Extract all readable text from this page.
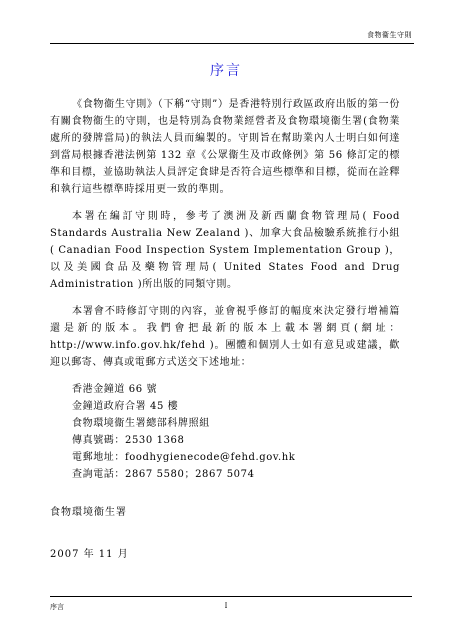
食物衞生守則
序言

《食物衞生守則》（下稱“守則”）是香港特別行政區政府出版的第一份有關食物衞生的守則，也是特別為食物業經營者及食物環境衞生署(食物業處所的發牌當局)的執法人員而編製的。守則旨在幫助業內人士明白如何達到當局根據香港法例第 132 章《公眾衞生及市政條例》第 56 條訂定的標準和目標，並協助執法人員評定食肆是否符合這些標準和目標，從而在詮釋和執行這些標準時採用更一致的準則。

本署在編訂守則時，參考了澳洲及新西蘭食物管理局( Food Standards Australia New Zealand )、加拿大食品檢驗系統推行小組( Canadian Food Inspection System Implementation Group )，以及美國食品及藥物管理局( United States Food and Drug Administration )所出版的同類守則。

本署會不時修訂守則的內容，並會視乎修訂的幅度來決定發行增補篇還是新的版本。我們會把最新的版本上載本署網頁(網址：http://www.info.gov.hk/fehd )。團體和個別人士如有意見或建議，歡迎以郵寄、傳真或電郵方式送交下述地址：

香港金鐘道 66 號
金鐘道政府合署 45 樓
食物環境衞生署總部科牌照組
傳真號碼：2530 1368
電郵地址：foodhygienecode@fehd.gov.hk
查詢電話：2867 5580；2867 5074
食物環境衞生署
2007 年 11 月
序言	I
